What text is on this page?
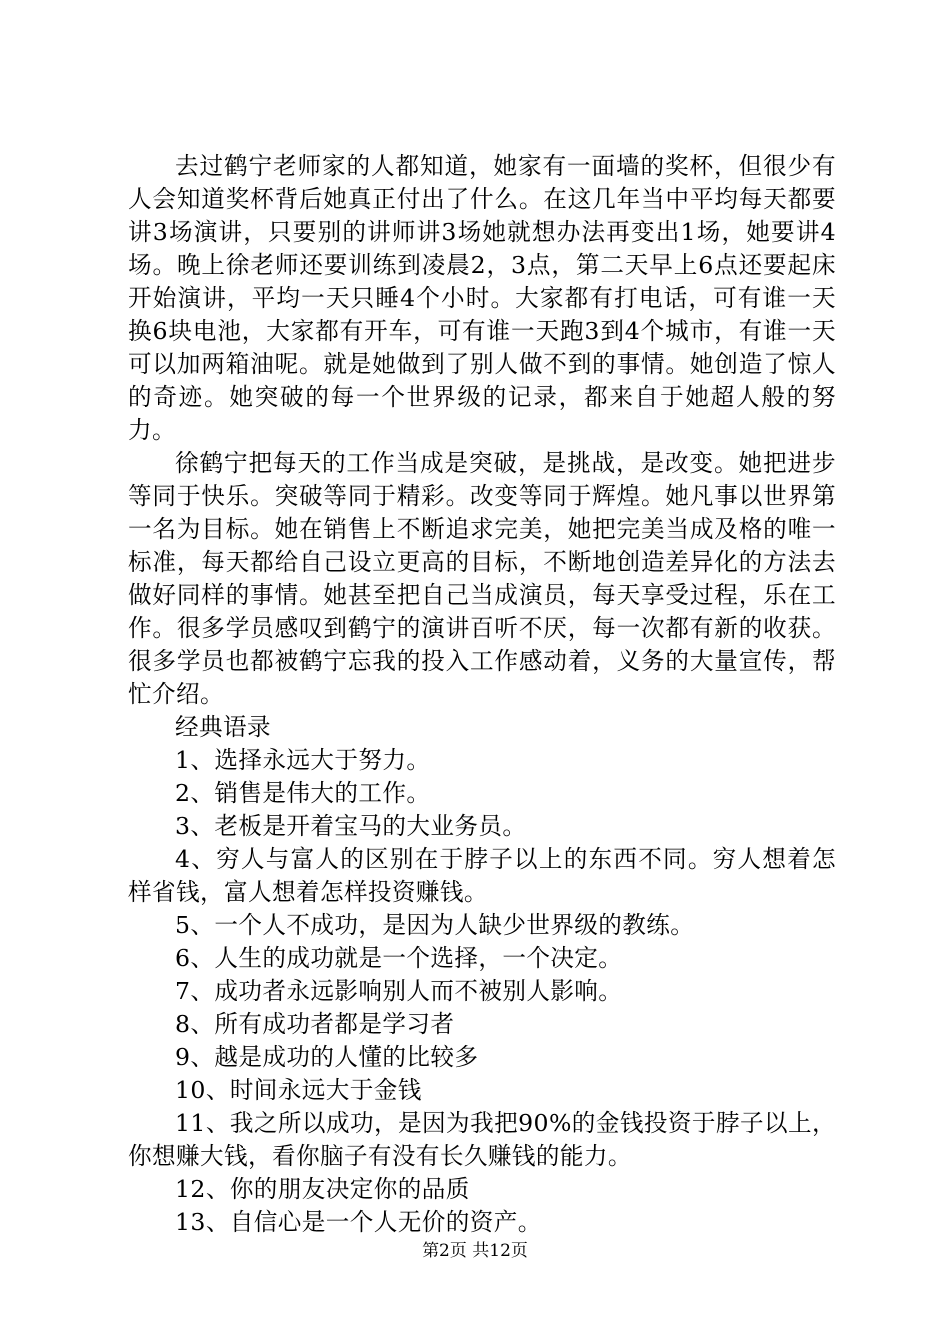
去过鹤宁老师家的人都知道，她家有一面墙的奖杯，但很少有人会知道奖杯背后她真正付出了什么。在这几年当中平均每天都要讲3场演讲，只要别的讲师讲3场她就想办法再变出1场，她要讲4场。晚上徐老师还要训练到凌晨2，3点，第二天早上6点还要起床开始演讲，平均一天只睡4个小时。大家都有打电话，可有谁一天换6块电池，大家都有开车，可有谁一天跑3到4个城市，有谁一天可以加两箱油呢。就是她做到了别人做不到的事情。她创造了惊人的奇迹。她突破的每一个世界级的记录，都来自于她超人般的努力。

徐鹤宁把每天的工作当成是突破，是挑战，是改变。她把进步等同于快乐。突破等同于精彩。改变等同于辉煌。她凡事以世界第一名为目标。她在销售上不断追求完美，她把完美当成及格的唯一标准，每天都给自己设立更高的目标，不断地创造差异化的方法去做好同样的事情。她甚至把自己当成演员，每天享受过程，乐在工作。很多学员感叹到鹤宁的演讲百听不厌，每一次都有新的收获。很多学员也都被鹤宁忘我的投入工作感动着，义务的大量宣传，帮忙介绍。

经典语录

1、选择永远大于努力。

2、销售是伟大的工作。

3、老板是开着宝马的大业务员。

4、穷人与富人的区别在于脖子以上的东西不同。穷人想着怎样省钱，富人想着怎样投资赚钱。

5、一个人不成功，是因为人缺少世界级的教练。

6、人生的成功就是一个选择，一个决定。

7、成功者永远影响别人而不被别人影响。

8、所有成功者都是学习者

9、越是成功的人懂的比较多

10、时间永远大于金钱

11、我之所以成功，是因为我把90%的金钱投资于脖子以上，你想赚大钱，看你脑子有没有长久赚钱的能力。

12、你的朋友决定你的品质

13、自信心是一个人无价的资产。

第2页 共12页
